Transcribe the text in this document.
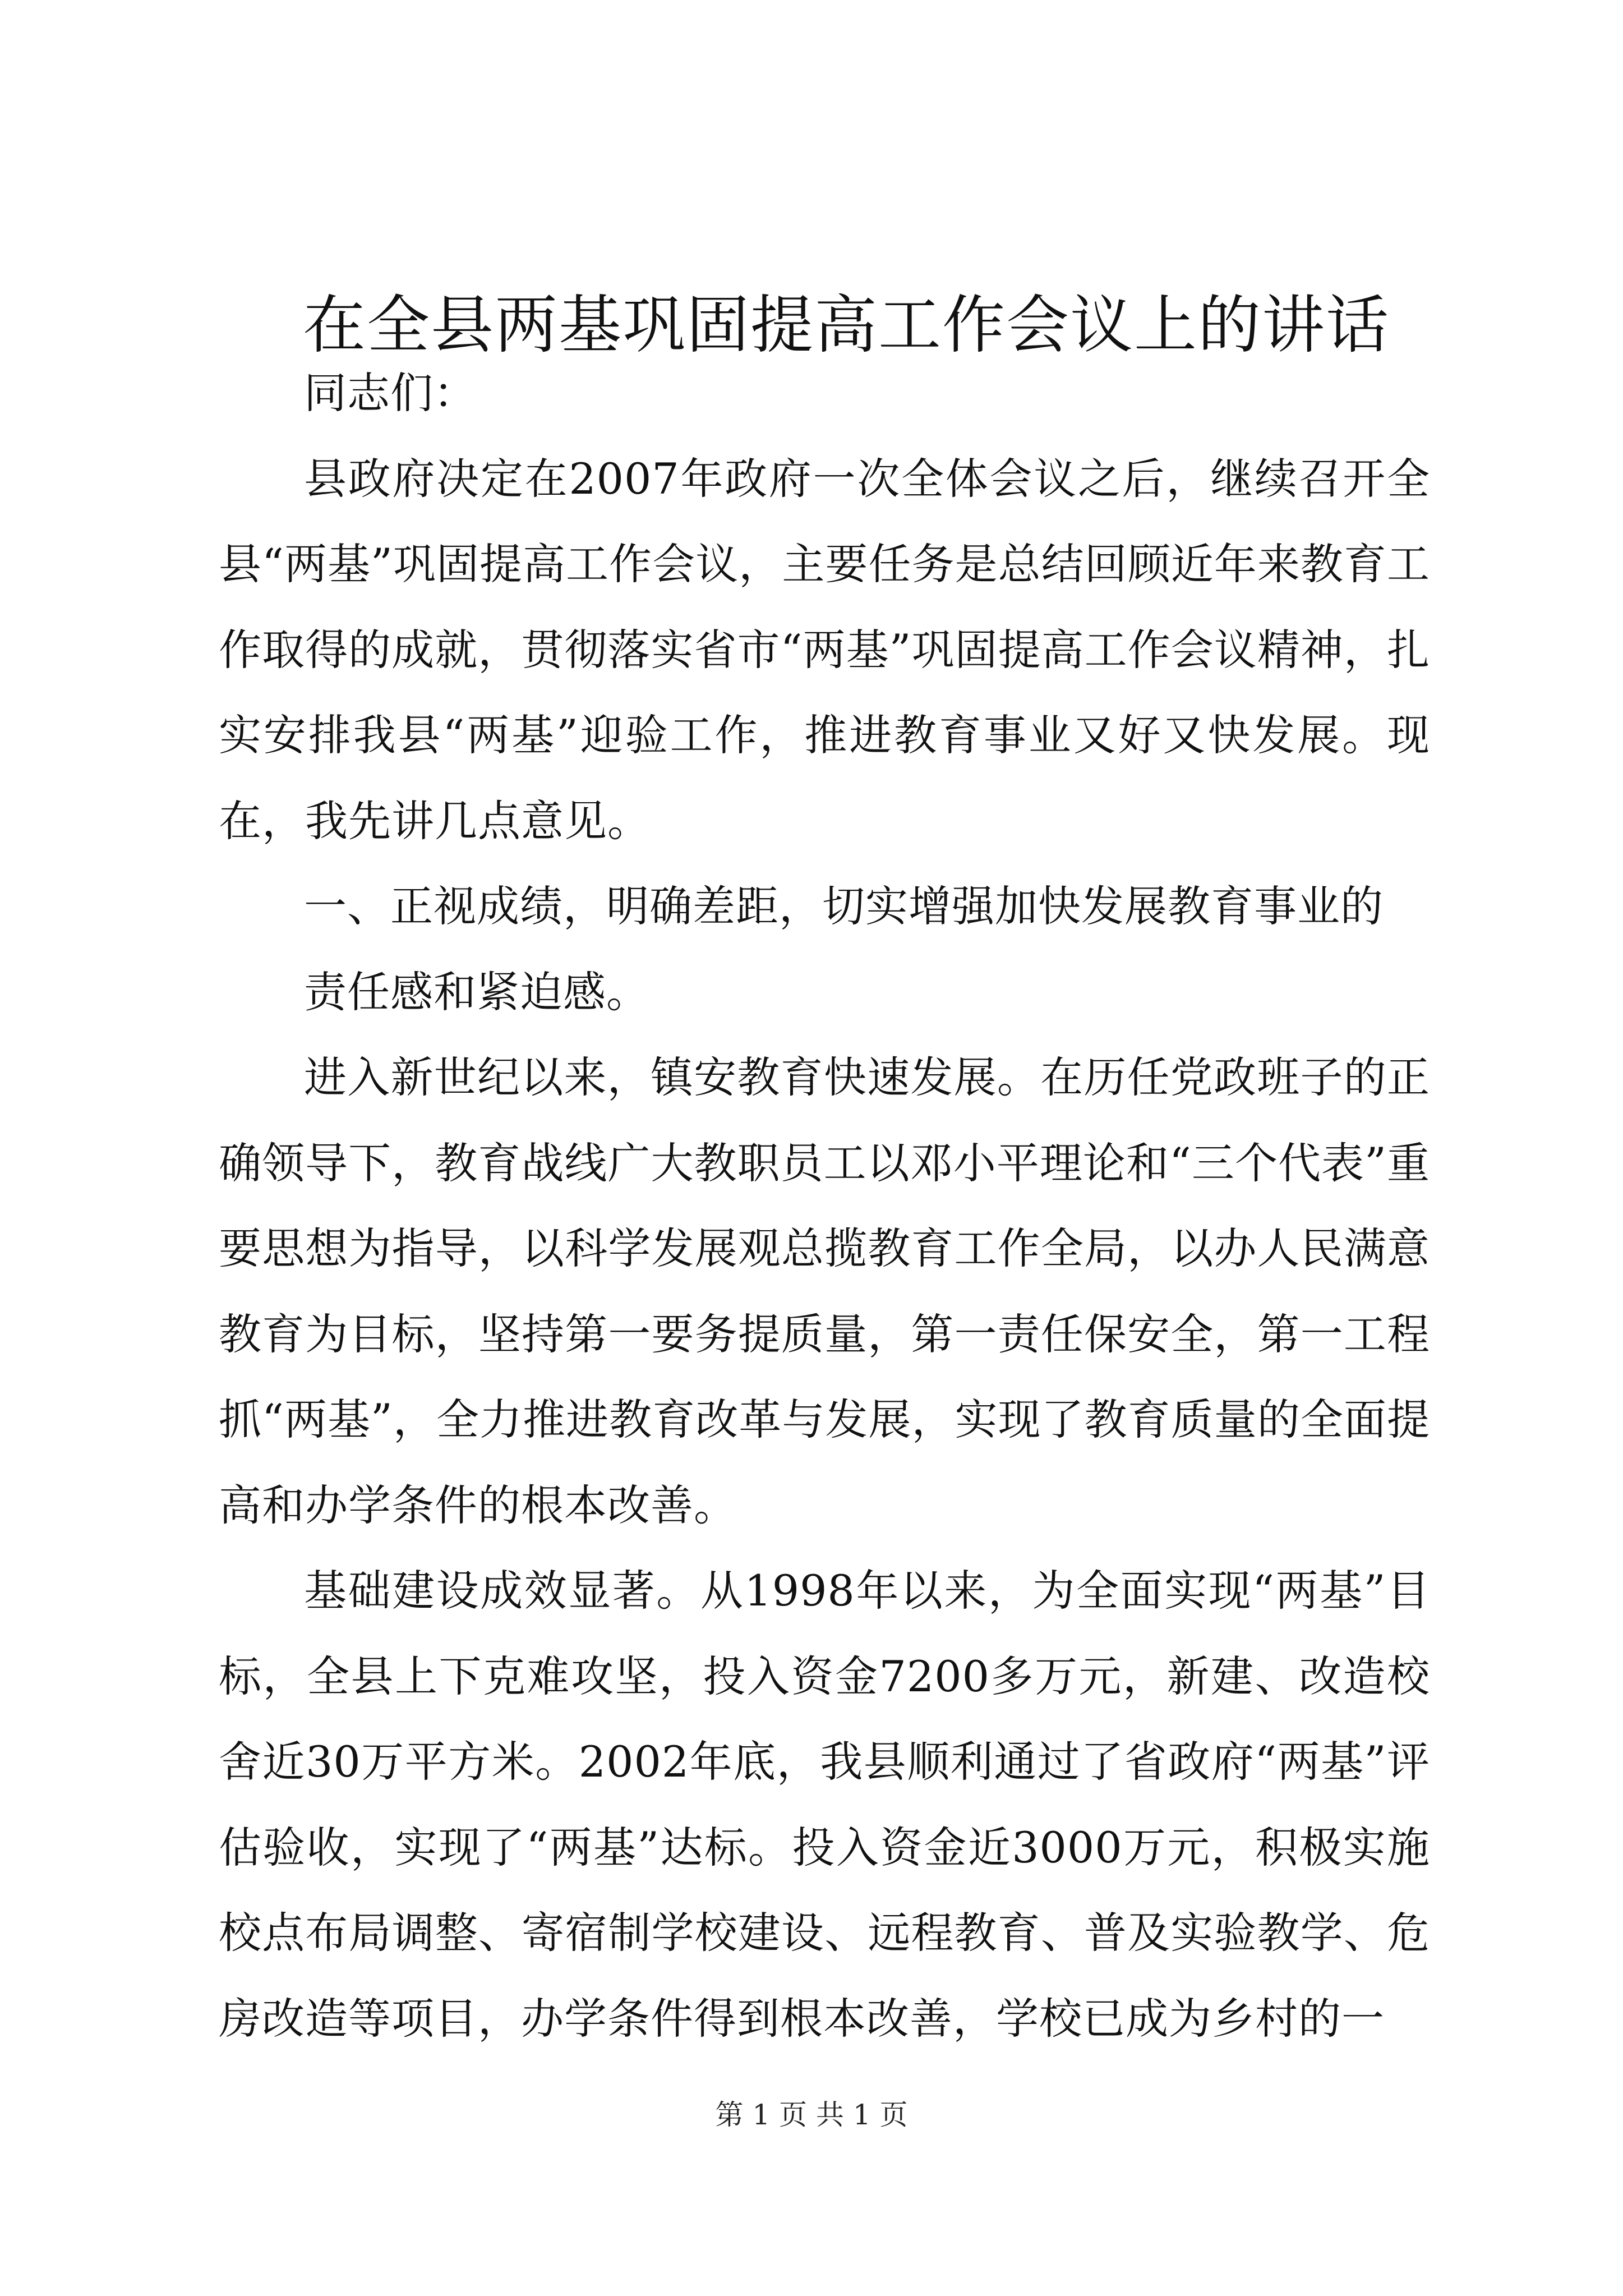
在全县两基巩固提高工作会议上的讲话

同志们：

县政府决定在2007年政府一次全体会议之后，继续召开全县“两基”巩固提高工作会议，主要任务是总结回顾近年来教育工作取得的成就，贯彻落实省市“两基”巩固提高工作会议精神，扎实安排我县“两基”迎验工作，推进教育事业又好又快发展。现在，我先讲几点意见。

一、正视成绩，明确差距，切实增强加快发展教育事业的
责任感和紧迫感。

进入新世纪以来，镇安教育快速发展。在历任党政班子的正确领导下，教育战线广大教职员工以邓小平理论和“三个代表”重要思想为指导，以科学发展观总揽教育工作全局，以办人民满意教育为目标，坚持第一要务提质量，第一责任保安全，第一工程抓“两基”，全力推进教育改革与发展，实现了教育质量的全面提高和办学条件的根本改善。

基础建设成效显著。从1998年以来，为全面实现“两基”目标，全县上下克难攻坚，投入资金7200多万元，新建、改造校舍近30万平方米。2002年底，我县顺利通过了省政府“两基”评估验收，实现了“两基”达标。投入资金近3000万元，积极实施校点布局调整、寄宿制学校建设、远程教育、普及实验教学、危房改造等项目，办学条件得到根本改善，学校已成为乡村的一

第 1 页 共 1 页
